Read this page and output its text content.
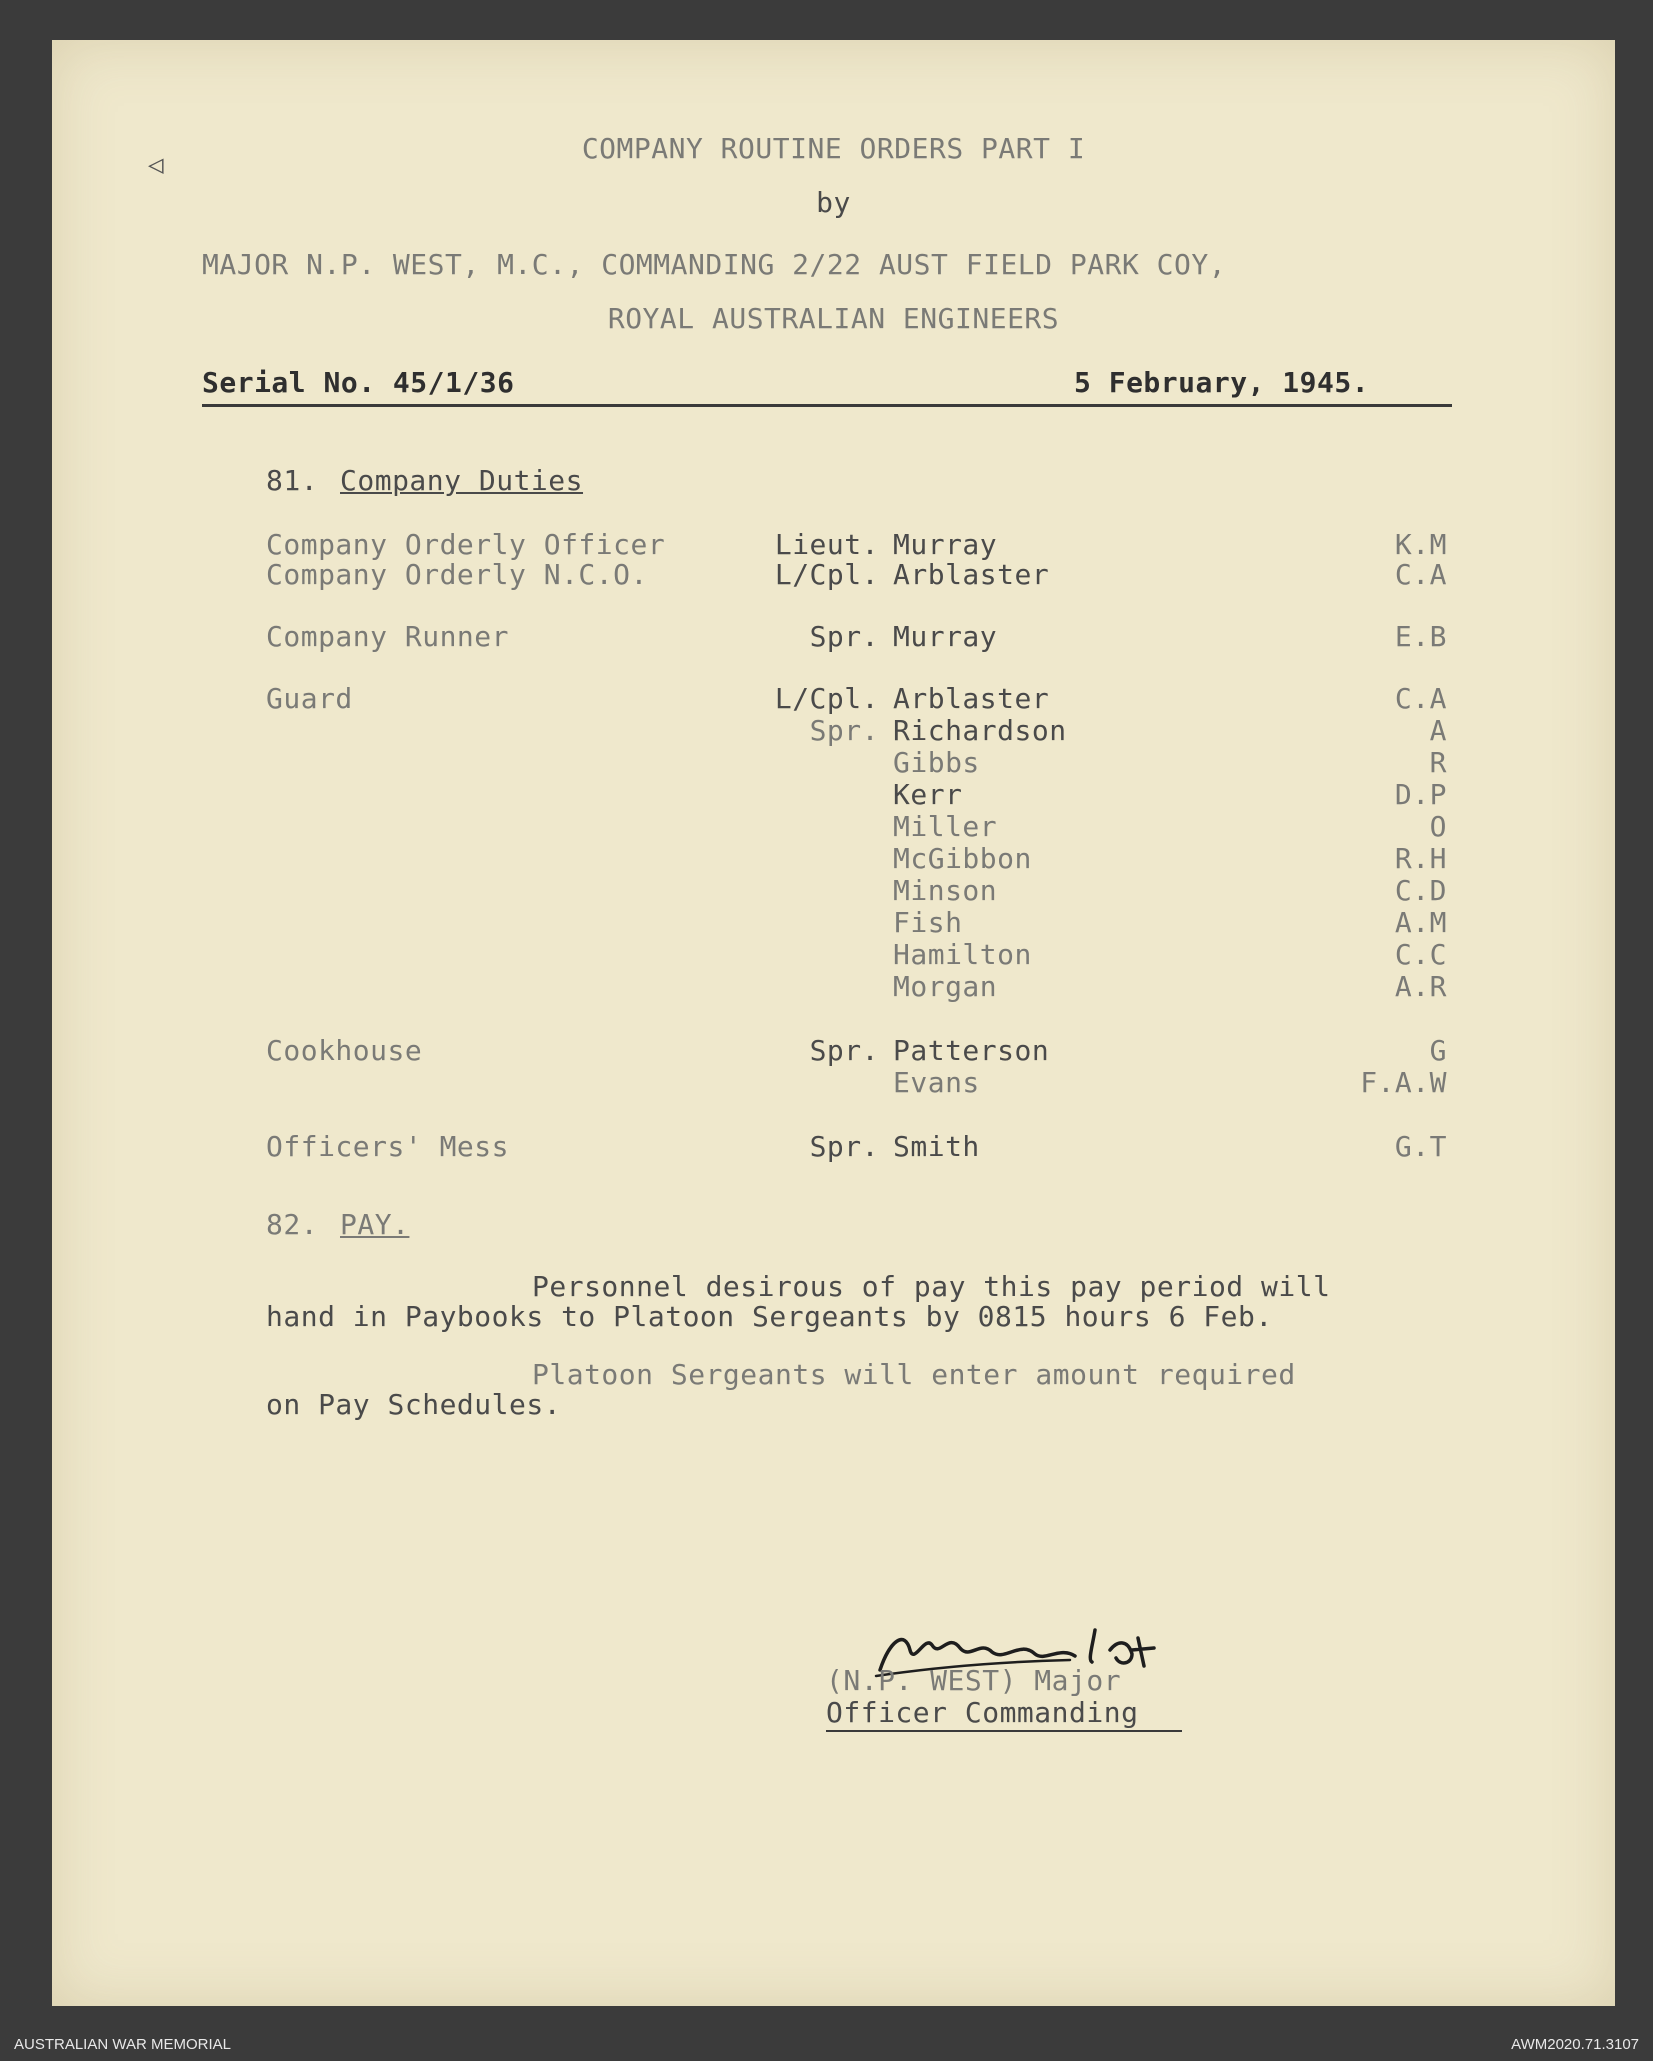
COMPANY ROUTINE ORDERS PART I
by
MAJOR N.P. WEST, M.C., COMMANDING 2/22 AUST FIELD PARK COY,
ROYAL AUSTRALIAN ENGINEERS
Serial No. 45/1/36	5 February, 1945.
81. Company Duties
Company Orderly Officer	Lieut. Murray	K.M
Company Orderly N.C.O.	L/Cpl. Arblaster	C.A
Company Runner	Spr. Murray	E.B
Guard	L/Cpl. Arblaster	C.A
Spr. Richardson	A
Gibbs	R
Kerr	D.P
Miller	O
McGibbon	R.H
Minson	C.D
Fish	A.M
Hamilton	C.C
Morgan	A.R
Cookhouse	Spr. Patterson	G
Evans	F.A.W
Officers' Mess	Spr. Smith	G.T
82. PAY.
Personnel desirous of pay this pay period will
hand in Paybooks to Platoon Sergeants by 0815 hours 6 Feb.
Platoon Sergeants will enter amount required
on Pay Schedules.
(N.P. WEST) Major
Officer Commanding
◁
AUSTRALIAN WAR MEMORIAL	AWM2020.71.3107
